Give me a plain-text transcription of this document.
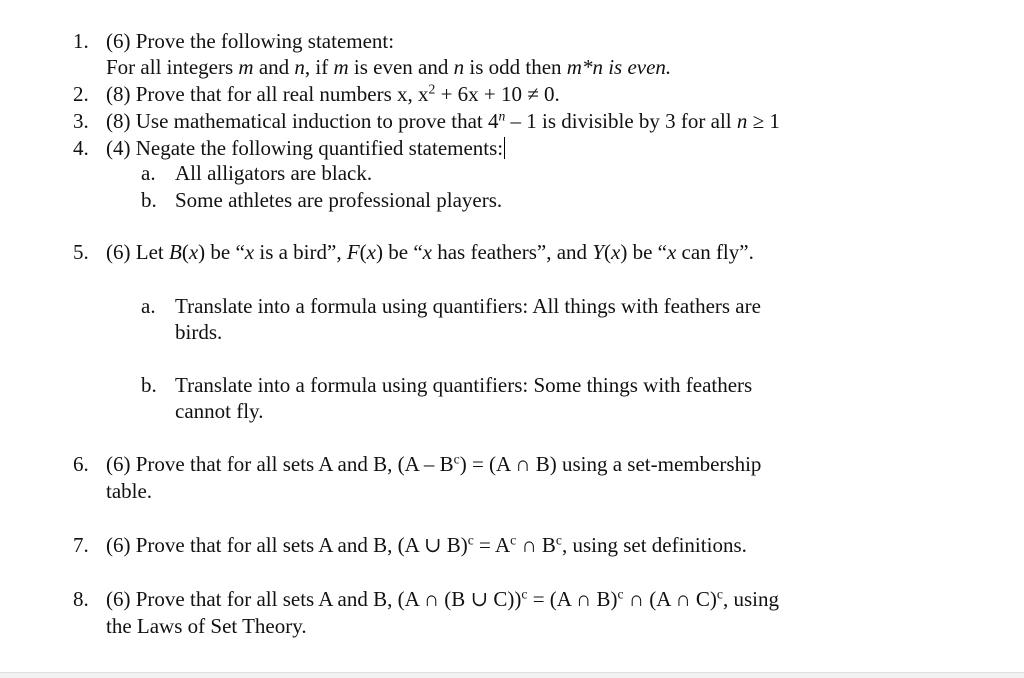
1. (6) Prove the following statement:
For all integers m and n, if m is even and n is odd then m*n is even.
2. (8) Prove that for all real numbers x, $x^2 + 6x + 10 \ne 0$.
3. (8) Use mathematical induction to prove that 4$^n$ – 1 is divisible by 3 for all n ≥ 1
4. (4) Negate the following quantified statements:
a. All alligators are black.
b. Some athletes are professional players.
5. (6) Let B(x) be “x is a bird”, F(x) be “x has feathers”, and Y(x) be “x can fly”.
a. Translate into a formula using quantifiers: All things with feathers are
birds.
b. Translate into a formula using quantifiers: Some things with feathers
cannot fly.
6. (6) Prove that for all sets A and B, $(A - B^c) = (A$ ∩ B) using a set-membership
table.
7. (6) Prove that for all sets A and B, (A ∪ $B)^c = A^c$ ∩ $B^c$, using set definitions.
8. (6) Prove that for all sets A and B, (A ∩ (B ∪ C))$^c$ = (A ∩ B)$^c$ ∩ (A ∩ C)$^c$, using
the Laws of Set Theory.
